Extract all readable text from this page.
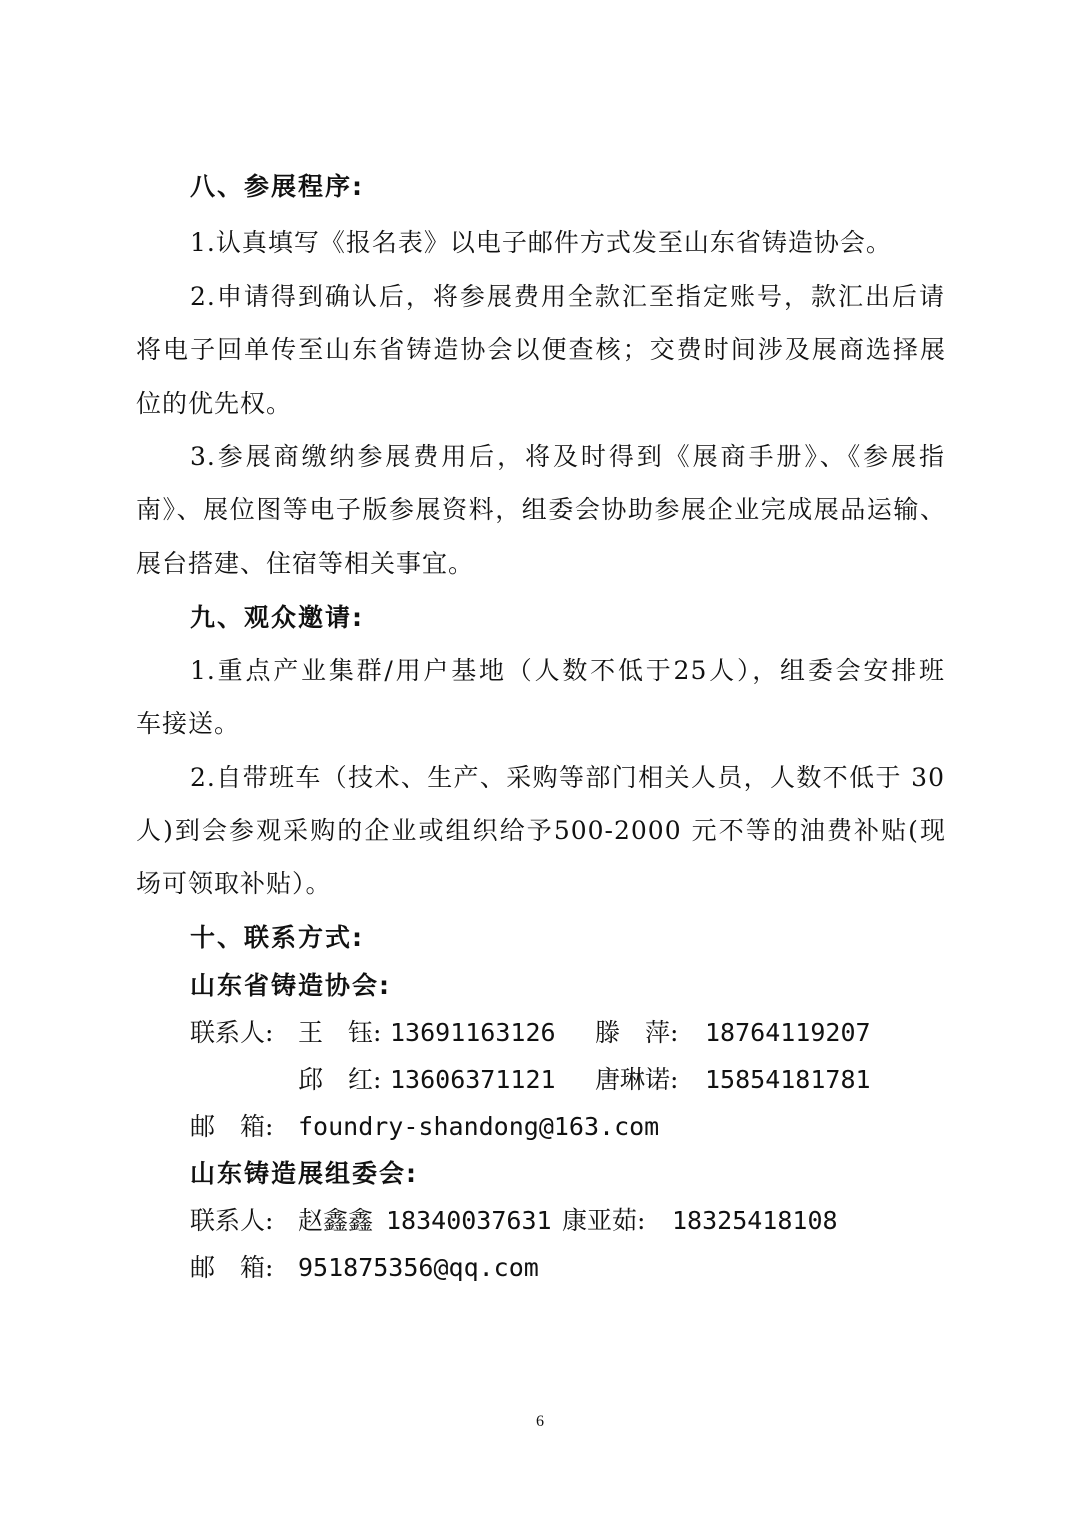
八、参展程序:
1.认真填写《报名表》以电子邮件方式发至山东省铸造协会。
2.申请得到确认后，将参展费用全款汇至指定账号，款汇出后请
将电子回单传至山东省铸造协会以便查核；交费时间涉及展商选择展
位的优先权。
3.参展商缴纳参展费用后，将及时得到《展商手册》、《参展指
南》、展位图等电子版参展资料，组委会协助参展企业完成展品运输、
展台搭建、住宿等相关事宜。
九、观众邀请:
1.重点产业集群/用户基地（人数不低于25人），组委会安排班
车接送。
2.自带班车（技术、生产、采购等部门相关人员，人数不低于 30
人)到会参观采购的企业或组织给予500-2000 元不等的油费补贴(现
场可领取补贴）。
十、联系方式:
山东省铸造协会:
联系人: 王　钰: 13691163126 滕　萍: 18764119207
邱　红: 13606371121 唐琳诺: 15854181781
邮　箱: foundry-shandong@163.com
山东铸造展组委会:
联系人: 赵鑫鑫 18340037631 康亚茹: 18325418108
邮　箱: 951875356@qq.com
6
